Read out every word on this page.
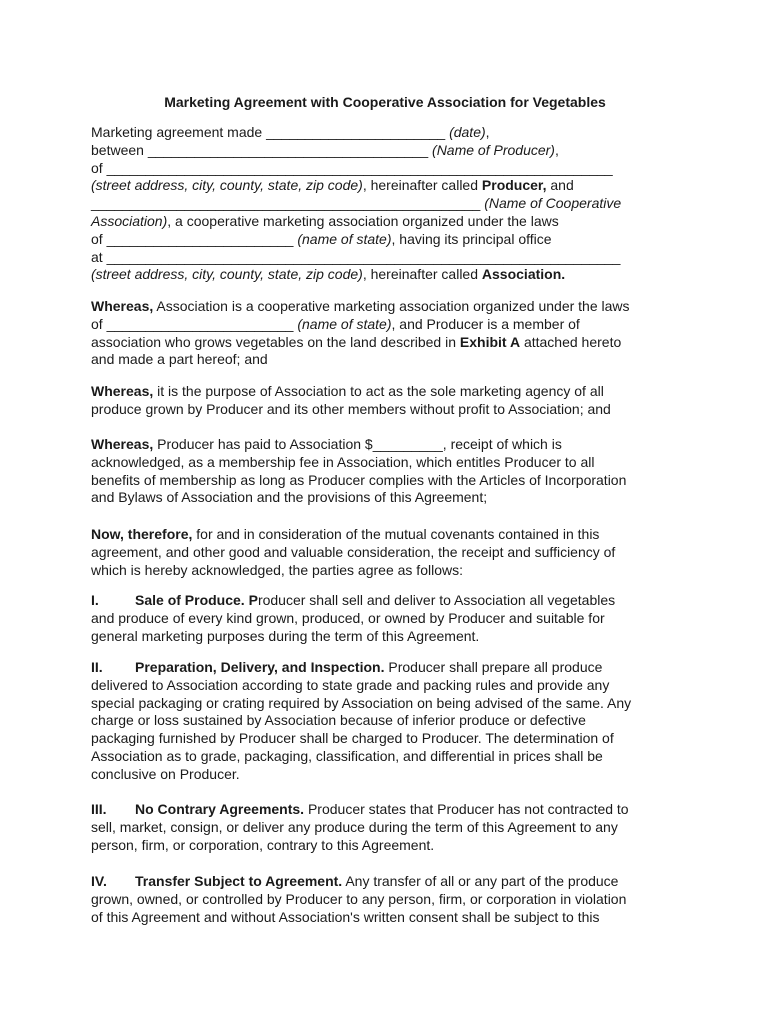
Marketing Agreement with Cooperative Association for Vegetables
Marketing agreement made _______________________ (date),
between ____________________________________ (Name of Producer),
of _________________________________________________________________
(street address, city, county, state, zip code), hereinafter called Producer, and
__________________________________________________ (Name of Cooperative
Association), a cooperative marketing association organized under the laws
of ________________________ (name of state), having its principal office
at __________________________________________________________________
(street address, city, county, state, zip code), hereinafter called Association.
Whereas, Association is a cooperative marketing association organized under the laws
of ________________________ (name of state), and Producer is a member of
association who grows vegetables on the land described in Exhibit A attached hereto
and made a part hereof; and
Whereas, it is the purpose of Association to act as the sole marketing agency of all
produce grown by Producer and its other members without profit to Association; and
Whereas, Producer has paid to Association $_________, receipt of which is
acknowledged, as a membership fee in Association, which entitles Producer to all
benefits of membership as long as Producer complies with the Articles of Incorporation
and Bylaws of Association and the provisions of this Agreement;
Now, therefore, for and in consideration of the mutual covenants contained in this
agreement, and other good and valuable consideration, the receipt and sufficiency of
which is hereby acknowledged, the parties agree as follows:
I.	Sale of Produce. Producer shall sell and deliver to Association all vegetables
and produce of every kind grown, produced, or owned by Producer and suitable for
general marketing purposes during the term of this Agreement.
II. Preparation, Delivery, and Inspection. Producer shall prepare all produce
delivered to Association according to state grade and packing rules and provide any
special packaging or crating required by Association on being advised of the same. Any
charge or loss sustained by Association because of inferior produce or defective
packaging furnished by Producer shall be charged to Producer. The determination of
Association as to grade, packaging, classification, and differential in prices shall be
conclusive on Producer.
III. No Contrary Agreements. Producer states that Producer has not contracted to
sell, market, consign, or deliver any produce during the term of this Agreement to any
person, firm, or corporation, contrary to this Agreement.
IV. Transfer Subject to Agreement. Any transfer of all or any part of the produce
grown, owned, or controlled by Producer to any person, firm, or corporation in violation
of this Agreement and without Association's written consent shall be subject to this
